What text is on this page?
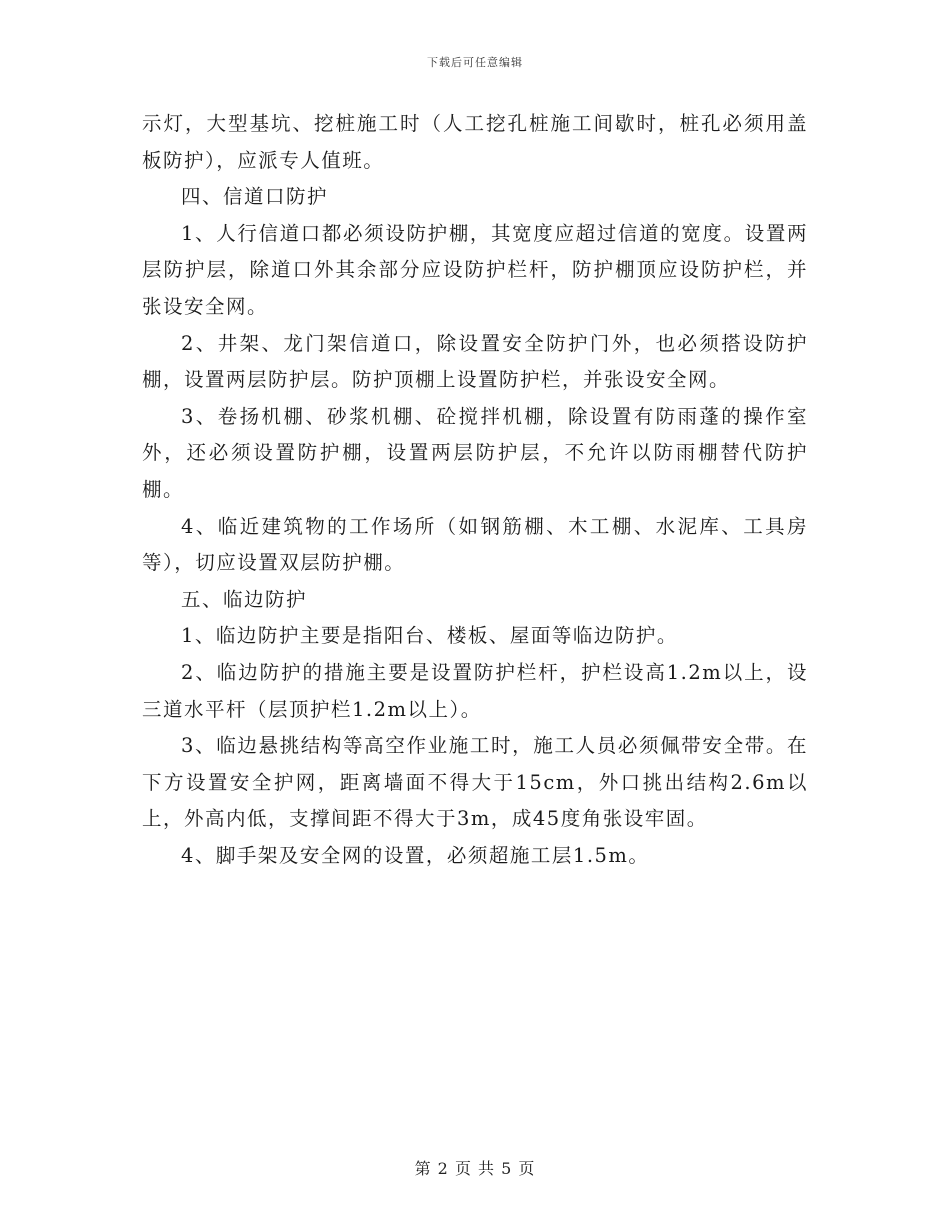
下载后可任意编辑

示灯，大型基坑、挖桩施工时（人工挖孔桩施工间歇时，桩孔必须用盖板防护），应派专人值班。

四、信道口防护

1、人行信道口都必须设防护棚，其宽度应超过信道的宽度。设置两层防护层，除道口外其余部分应设防护栏杆，防护棚顶应设防护栏，并张设安全网。

2、井架、龙门架信道口，除设置安全防护门外，也必须搭设防护棚，设置两层防护层。防护顶棚上设置防护栏，并张设安全网。

3、卷扬机棚、砂浆机棚、砼搅拌机棚，除设置有防雨蓬的操作室外，还必须设置防护棚，设置两层防护层，不允许以防雨棚替代防护棚。

4、临近建筑物的工作场所（如钢筋棚、木工棚、水泥库、工具房等），切应设置双层防护棚。

五、临边防护

1、临边防护主要是指阳台、楼板、屋面等临边防护。

2、临边防护的措施主要是设置防护栏杆，护栏设高1.2m以上，设三道水平杆（层顶护栏1.2m以上）。

3、临边悬挑结构等高空作业施工时，施工人员必须佩带安全带。在下方设置安全护网，距离墙面不得大于15cm，外口挑出结构2.6m以上，外高内低，支撑间距不得大于3m，成45度角张设牢固。

4、脚手架及安全网的设置，必须超施工层1.5m。

第 2 页 共 5 页
